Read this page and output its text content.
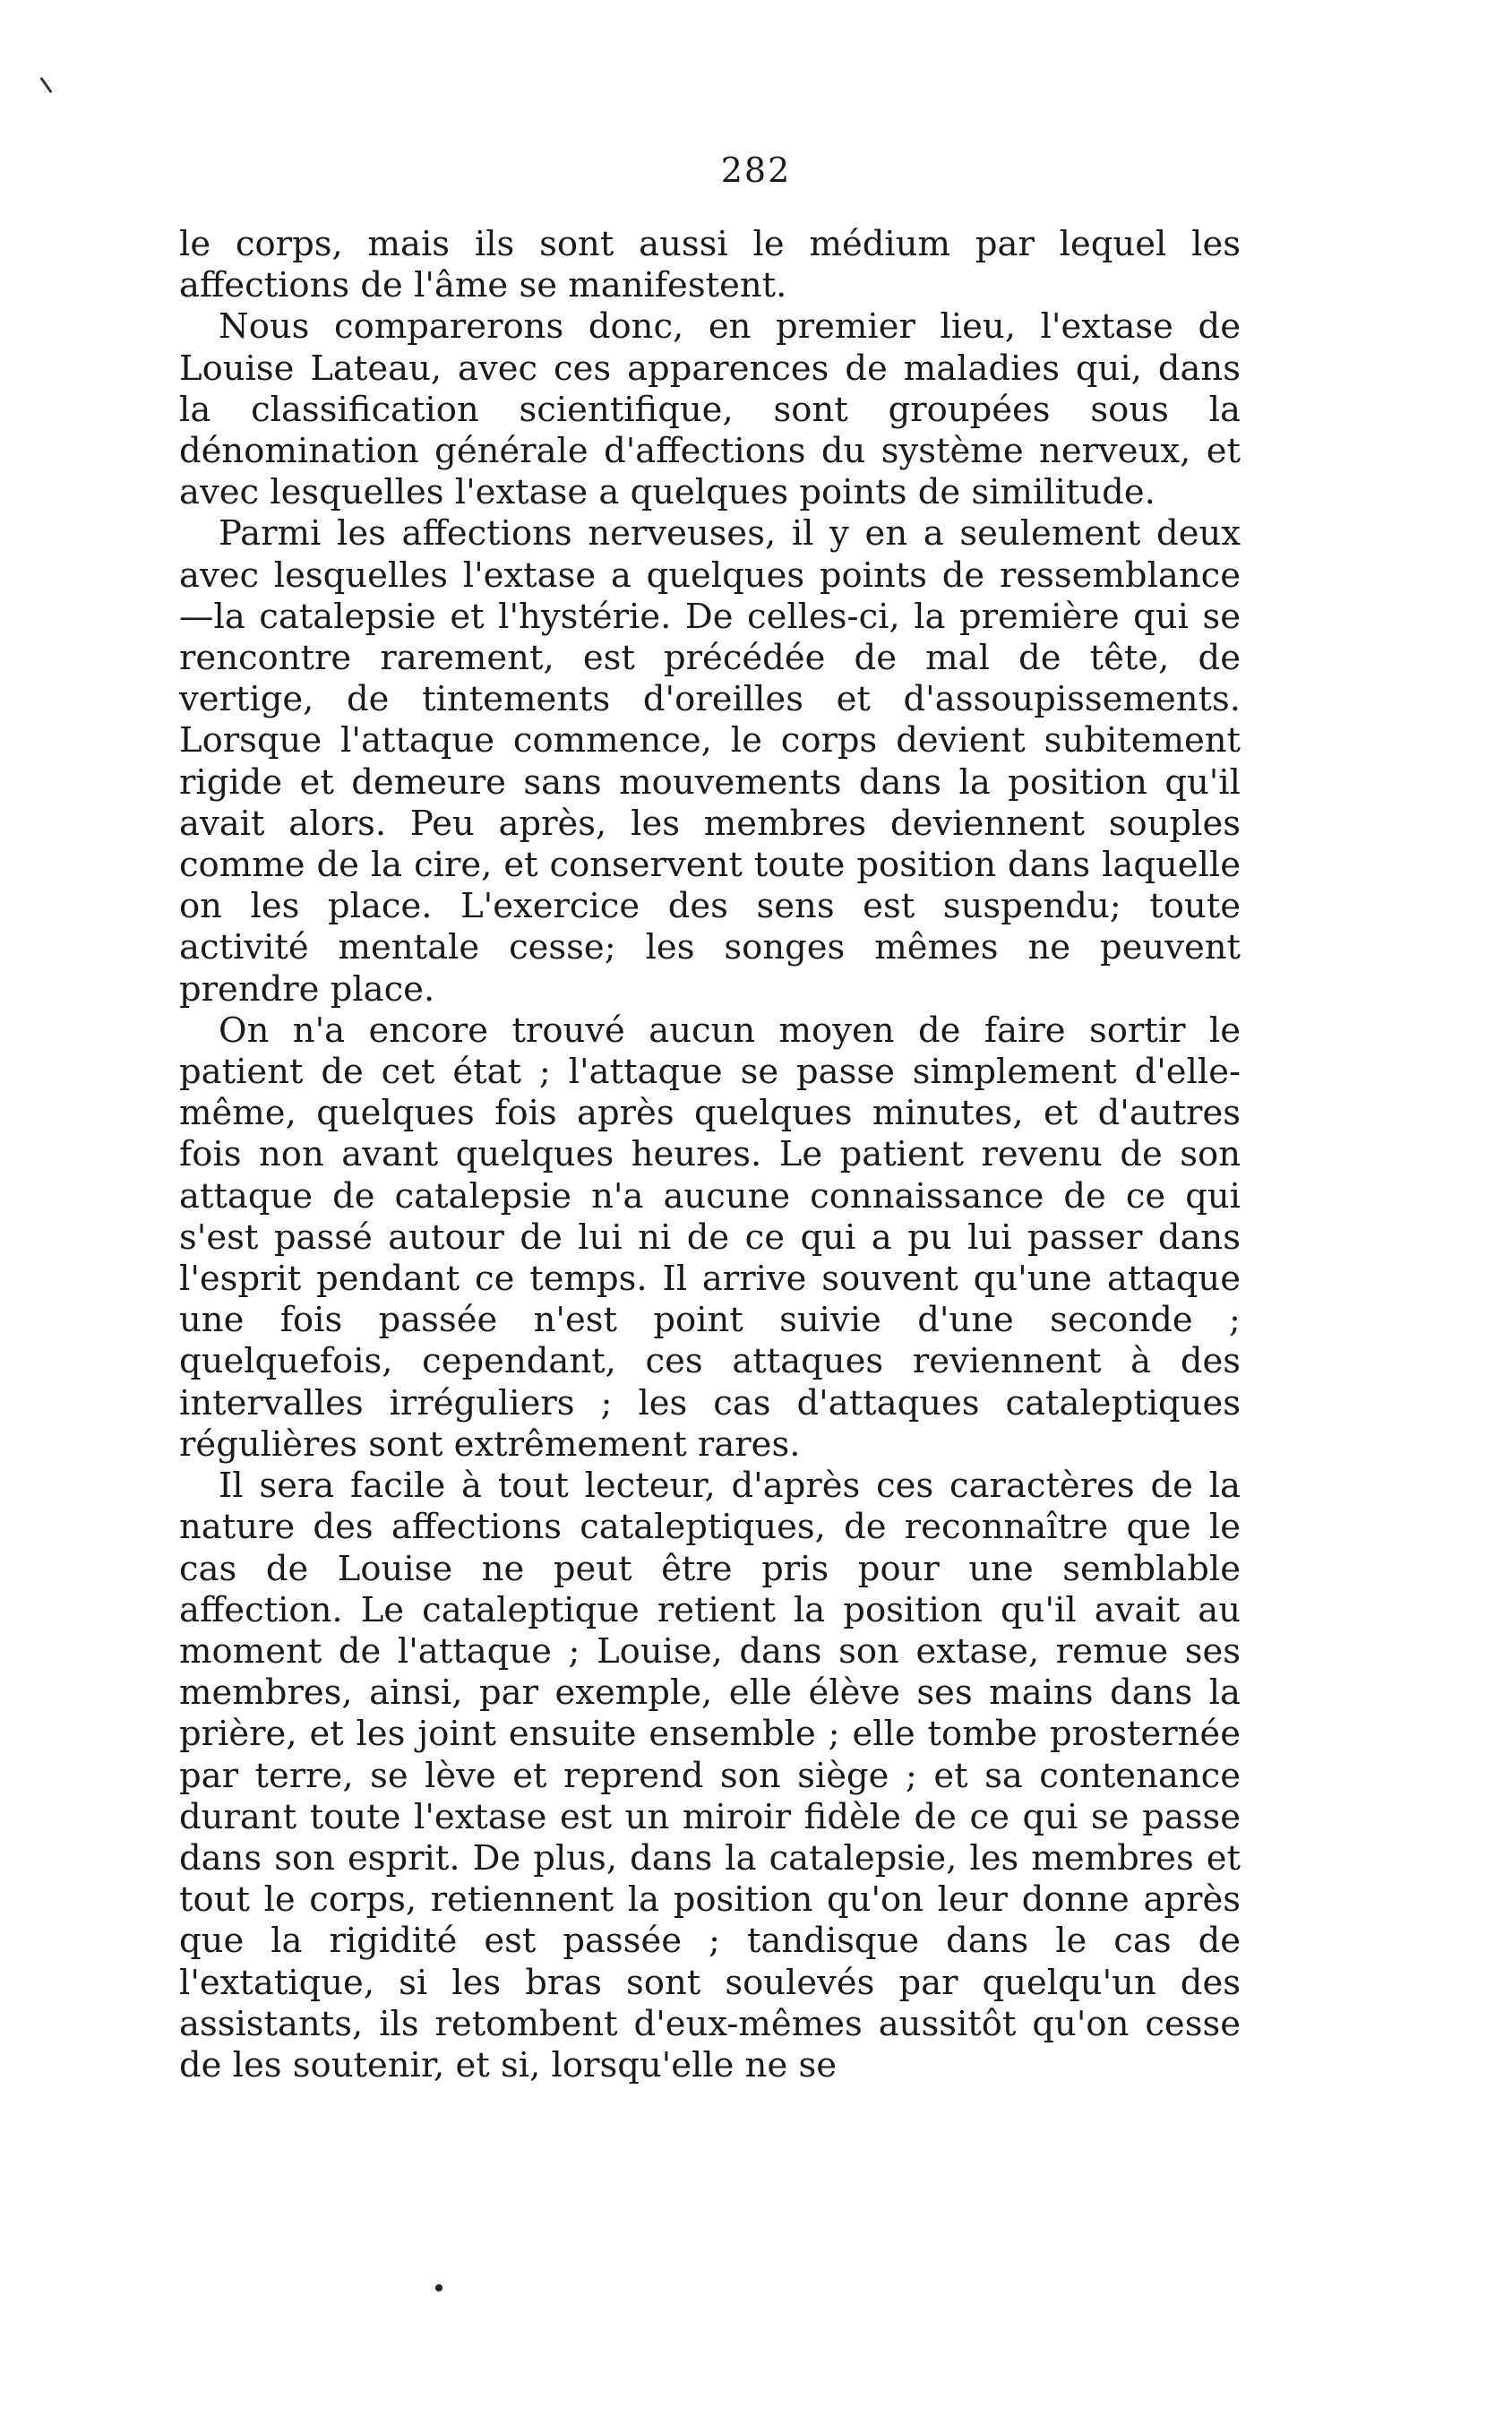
282

le corps, mais ils sont aussi le médium par lequel les affections de l'âme se manifestent.

Nous comparerons donc, en premier lieu, l'extase de Louise Lateau, avec ces apparences de maladies qui, dans la classification scientifique, sont groupées sous la dénomination générale d'affections du système nerveux, et avec lesquelles l'extase a quelques points de similitude.

Parmi les affections nerveuses, il y en a seulement deux avec lesquelles l'extase a quelques points de ressemblance —la catalepsie et l'hystérie. De celles-ci, la première qui se rencontre rarement, est précédée de mal de tête, de vertige, de tintements d'oreilles et d'assoupissements. Lorsque l'attaque commence, le corps devient subitement rigide et demeure sans mouvements dans la position qu'il avait alors. Peu après, les membres deviennent souples comme de la cire, et conservent toute position dans laquelle on les place. L'exercice des sens est suspendu; toute activité mentale cesse; les songes mêmes ne peuvent prendre place.

On n'a encore trouvé aucun moyen de faire sortir le patient de cet état ; l'attaque se passe simplement d'elle-même, quelques fois après quelques minutes, et d'autres fois non avant quelques heures. Le patient revenu de son attaque de catalepsie n'a aucune connaissance de ce qui s'est passé autour de lui ni de ce qui a pu lui passer dans l'esprit pendant ce temps. Il arrive souvent qu'une attaque une fois passée n'est point suivie d'une seconde ; quelquefois, cependant, ces attaques reviennent à des intervalles irréguliers ; les cas d'attaques cataleptiques régulières sont extrêmement rares.

Il sera facile à tout lecteur, d'après ces caractères de la nature des affections cataleptiques, de reconnaître que le cas de Louise ne peut être pris pour une semblable affection. Le cataleptique retient la position qu'il avait au moment de l'attaque ; Louise, dans son extase, remue ses membres, ainsi, par exemple, elle élève ses mains dans la prière, et les joint ensuite ensemble ; elle tombe prosternée par terre, se lève et reprend son siège ; et sa contenance durant toute l'extase est un miroir fidèle de ce qui se passe dans son esprit. De plus, dans la catalepsie, les membres et tout le corps, retiennent la position qu'on leur donne après que la rigidité est passée ; tandisque dans le cas de l'extatique, si les bras sont soulevés par quelqu'un des assistants, ils retombent d'eux-mêmes aussitôt qu'on cesse de les soutenir, et si, lorsqu'elle ne se
